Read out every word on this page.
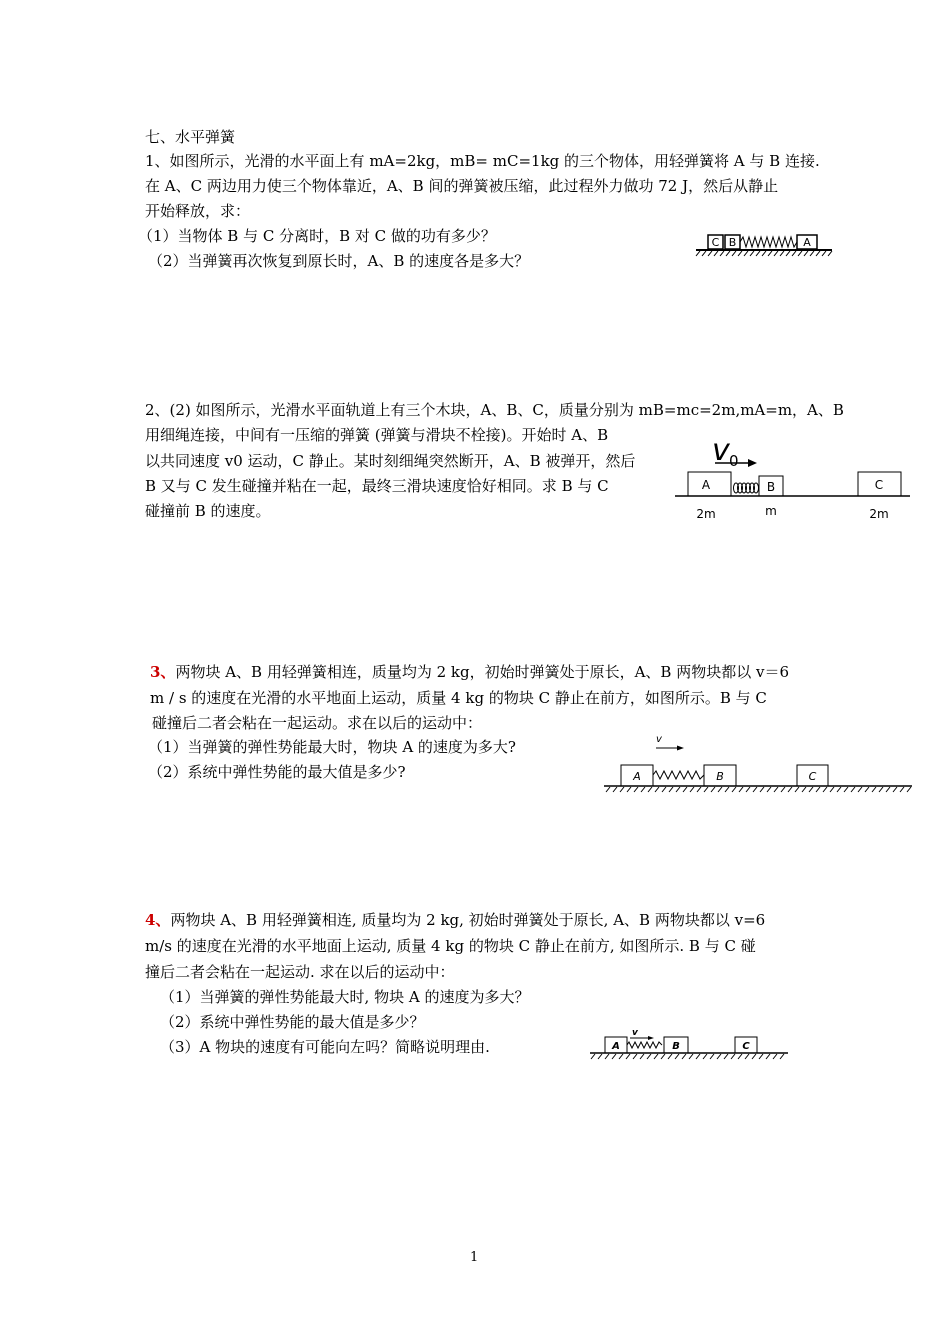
七、水平弹簧
1、如图所示，光滑的水平面上有 mA=2kg，mB= mC=1kg 的三个物体，用轻弹簧将 A 与 B 连接.
在 A、C 两边用力使三个物体靠近，A、B 间的弹簧被压缩，此过程外力做功 72 J，然后从静止
开始释放，求：
（1）当物体 B 与 C 分离时，B 对 C 做的功有多少？
（2）当弹簧再次恢复到原长时，A、B 的速度各是多大？
C B	A
2、(2) 如图所示，光滑水平面轨道上有三个木块，A、B、C，质量分别为 mB=mc=2m,mA=m，A、B
用细绳连接，中间有一压缩的弹簧 (弹簧与滑块不栓接)。开始时 A、B
以共同速度 v0 运动，C 静止。某时刻细绳突然断开，A、B 被弹开，然后
B 又与 C 发生碰撞并粘在一起，最终三滑块速度恰好相同。求 B 与 C
碰撞前 B 的速度。
v 0
A	B	C
2m	m	2m
3、两物块 A、B 用轻弹簧相连，质量均为 2 kg，初始时弹簧处于原长，A、B 两物块都以 v＝6
m / s 的速度在光滑的水平地面上运动，质量 4 kg 的物块 C 静止在前方，如图所示。B 与 C
碰撞后二者会粘在一起运动。求在以后的运动中：
（1）当弹簧的弹性势能最大时，物块 A 的速度为多大?
（2）系统中弹性势能的最大值是多少?
v
A	B	C
4、两物块 A、B 用轻弹簧相连, 质量均为 2 kg, 初始时弹簧处于原长, A、B 两物块都以 v=6
m/s 的速度在光滑的水平地面上运动, 质量 4 kg 的物块 C 静止在前方, 如图所示. B 与 C 碰
撞后二者会粘在一起运动. 求在以后的运动中：
（1）当弹簧的弹性势能最大时, 物块 A 的速度为多大？
（2）系统中弹性势能的最大值是多少？
（3）A 物块的速度有可能向左吗？简略说明理由.
v
A	B	C
1
